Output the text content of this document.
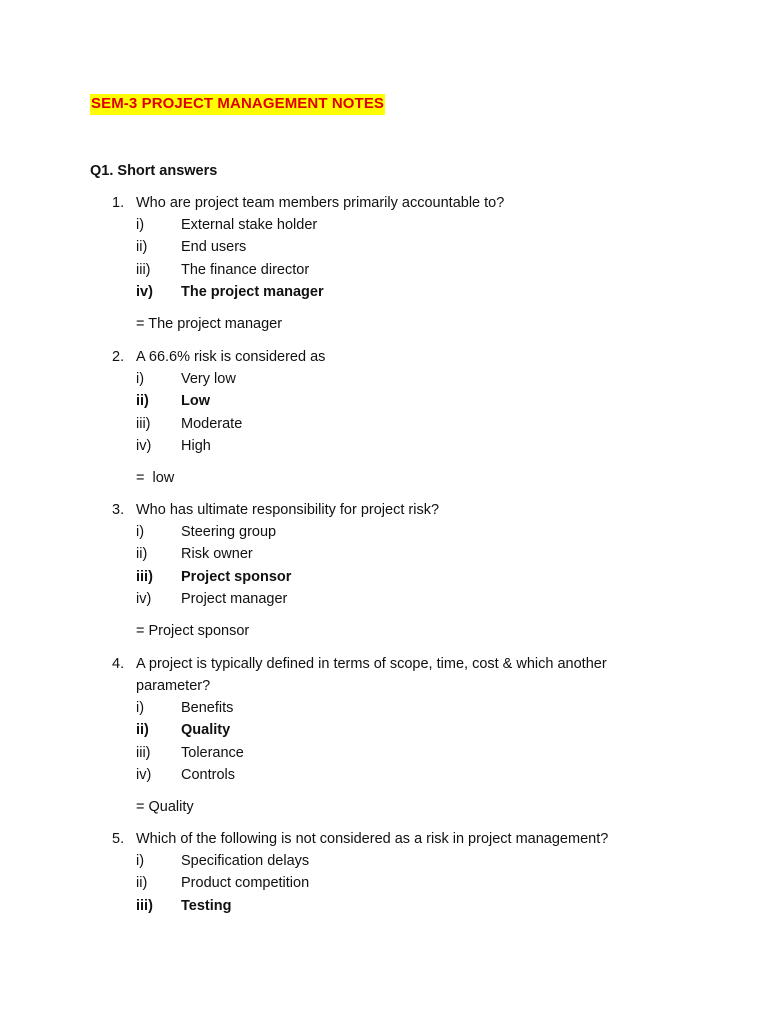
SEM-3 PROJECT MANAGEMENT NOTES
Q1. Short answers
1. Who are project team members primarily accountable to?
i)	External stake holder
ii) End users
iii) The finance director
iv) The project manager
= The project manager
2. A 66.6% risk is considered as
i)	Very low
ii) Low
iii) Moderate
iv) High
=  low
3. Who has ultimate responsibility for project risk?
i)	Steering group
ii) Risk owner
iii) Project sponsor
iv) Project manager
= Project sponsor
4. A project is typically defined in terms of scope, time, cost & which another
parameter?
i)	Benefits
ii) Quality
iii) Tolerance
iv) Controls
= Quality
5. Which of the following is not considered as a risk in project management?
i)	Specification delays
ii) Product competition
iii) Testing
